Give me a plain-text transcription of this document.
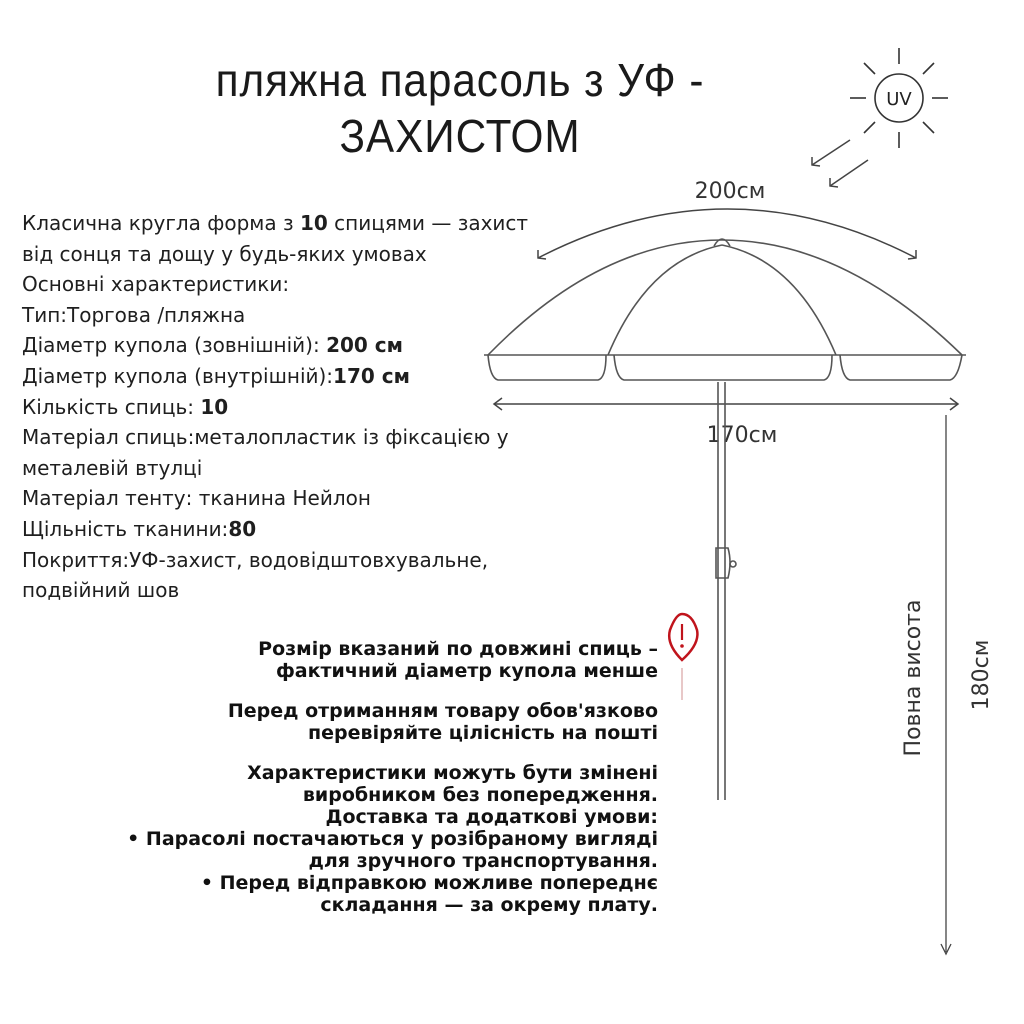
UV
200см
170см
Повна висота 180см
пляжна парасоль з УФ -
ЗАХИСТОМ
Класична кругла форма з 10 спицями — захист
від сонця та дощу у будь-яких умовах
Основні характеристики:
Тип:Торгова /пляжна
Діаметр купола (зовнішній): 200 см
Діаметр купола (внутрішній):170 см
Кількість спиць: 10
Матеріал спиць:металопластик із фіксацією у
металевій втулці
Матеріал тенту: тканина Нейлон
Щільність тканини:80
Покриття:УФ-захист, водовідштовхувальне,
подвійний шов
Розмір вказаний по довжині спиць –
фактичний діаметр купола менше
Перед отриманням товару обов'язково
перевіряйте цілісність на пошті
Характеристики можуть бути змінені
виробником без попередження.
Доставка та додаткові умови:
• Парасолі постачаються у розібраному вигляді
для зручного транспортування.
• Перед відправкою можливе попереднє
складання — за окрему плату.
